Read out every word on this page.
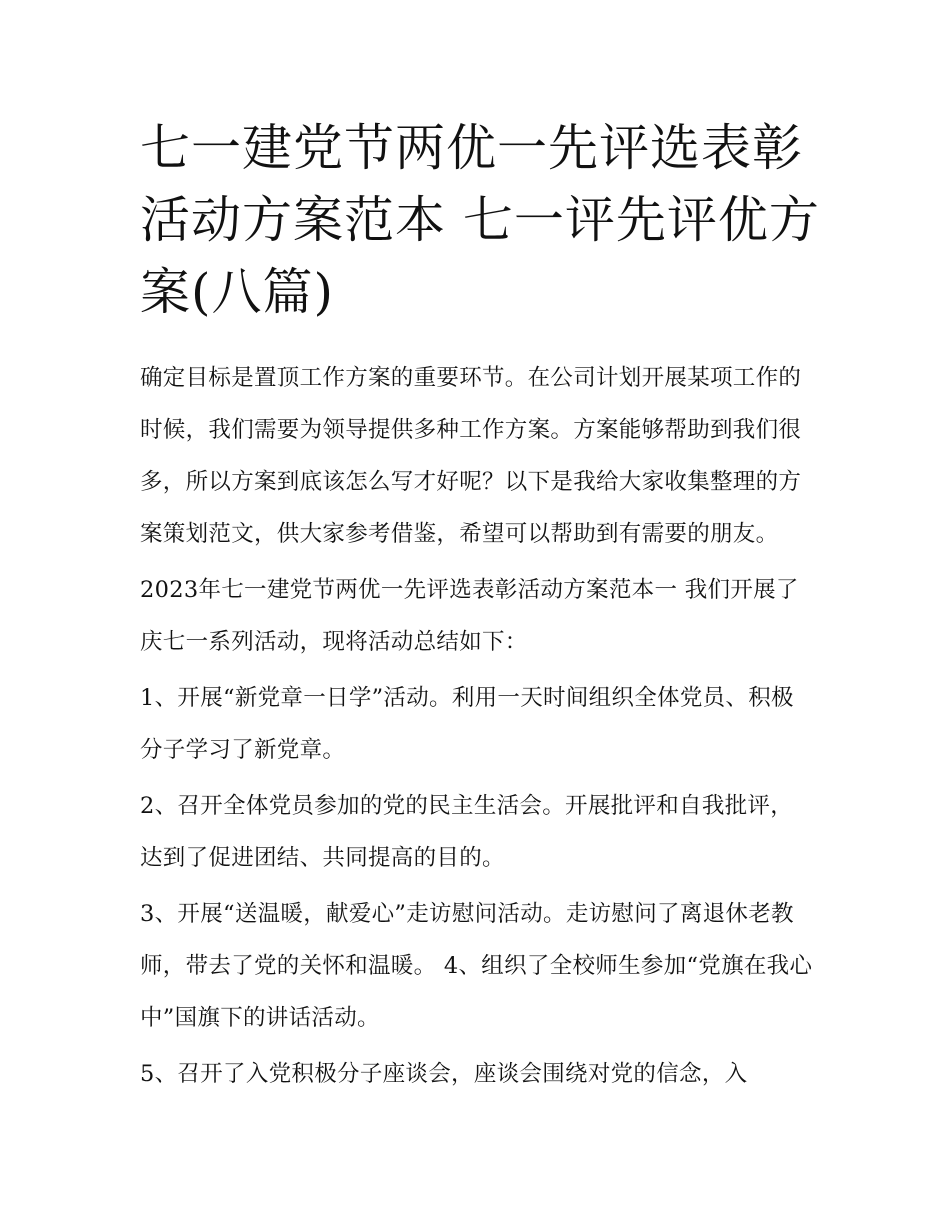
七一建党节两优一先评选表彰活动方案范本 七一评先评优方案(八篇)

确定目标是置顶工作方案的重要环节。在公司计划开展某项工作的时候，我们需要为领导提供多种工作方案。方案能够帮助到我们很多，所以方案到底该怎么写才好呢？以下是我给大家收集整理的方案策划范文，供大家参考借鉴，希望可以帮助到有需要的朋友。

2023年七一建党节两优一先评选表彰活动方案范本一 我们开展了庆七一系列活动，现将活动总结如下：

1、开展“新党章一日学”活动。利用一天时间组织全体党员、积极分子学习了新党章。

2、召开全体党员参加的党的民主生活会。开展批评和自我批评，达到了促进团结、共同提高的目的。

3、开展“送温暖，献爱心”走访慰问活动。走访慰问了离退休老教师，带去了党的关怀和温暖。 4、组织了全校师生参加“党旗在我心中”国旗下的讲话活动。

5、召开了入党积极分子座谈会，座谈会围绕对党的信念，入
